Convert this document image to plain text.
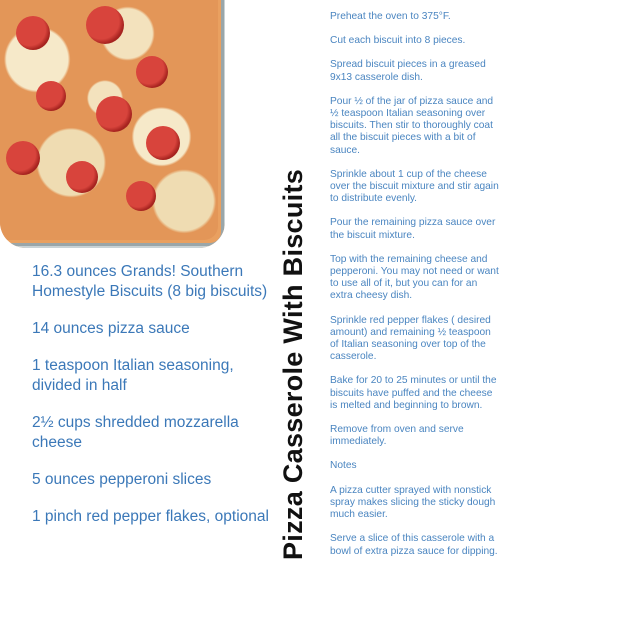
16.3 ounces Grands! Southern Homestyle Biscuits (8 big biscuits)

14 ounces pizza sauce

1 teaspoon Italian seasoning, divided in half

2½ cups shredded mozzarella cheese

5 ounces pepperoni slices

1 pinch red pepper flakes, optional Pizza Casserole With Biscuits

Preheat the oven to 375°F.

Cut each biscuit into 8 pieces.

Spread biscuit pieces in a greased 9x13 casserole dish.

Pour ½ of the jar of pizza sauce and ½ teaspoon Italian seasoning over biscuits. Then stir to thoroughly coat all the biscuit pieces with a bit of sauce.

Sprinkle about 1 cup of the cheese over the biscuit mixture and stir again to distribute evenly.

Pour the remaining pizza sauce over the biscuit mixture.

Top with the remaining cheese and pepperoni. You may not need or want to use all of it, but you can for an extra cheesy dish.

Sprinkle red pepper flakes ( desired amount) and remaining ½ teaspoon of Italian seasoning over top of the casserole.

Bake for 20 to 25 minutes or until the biscuits have puffed and the cheese is melted and beginning to brown.

Remove from oven and serve immediately.

Notes

A pizza cutter sprayed with nonstick spray makes slicing the sticky dough much easier.

Serve a slice of this casserole with a bowl of extra pizza sauce for dipping.
